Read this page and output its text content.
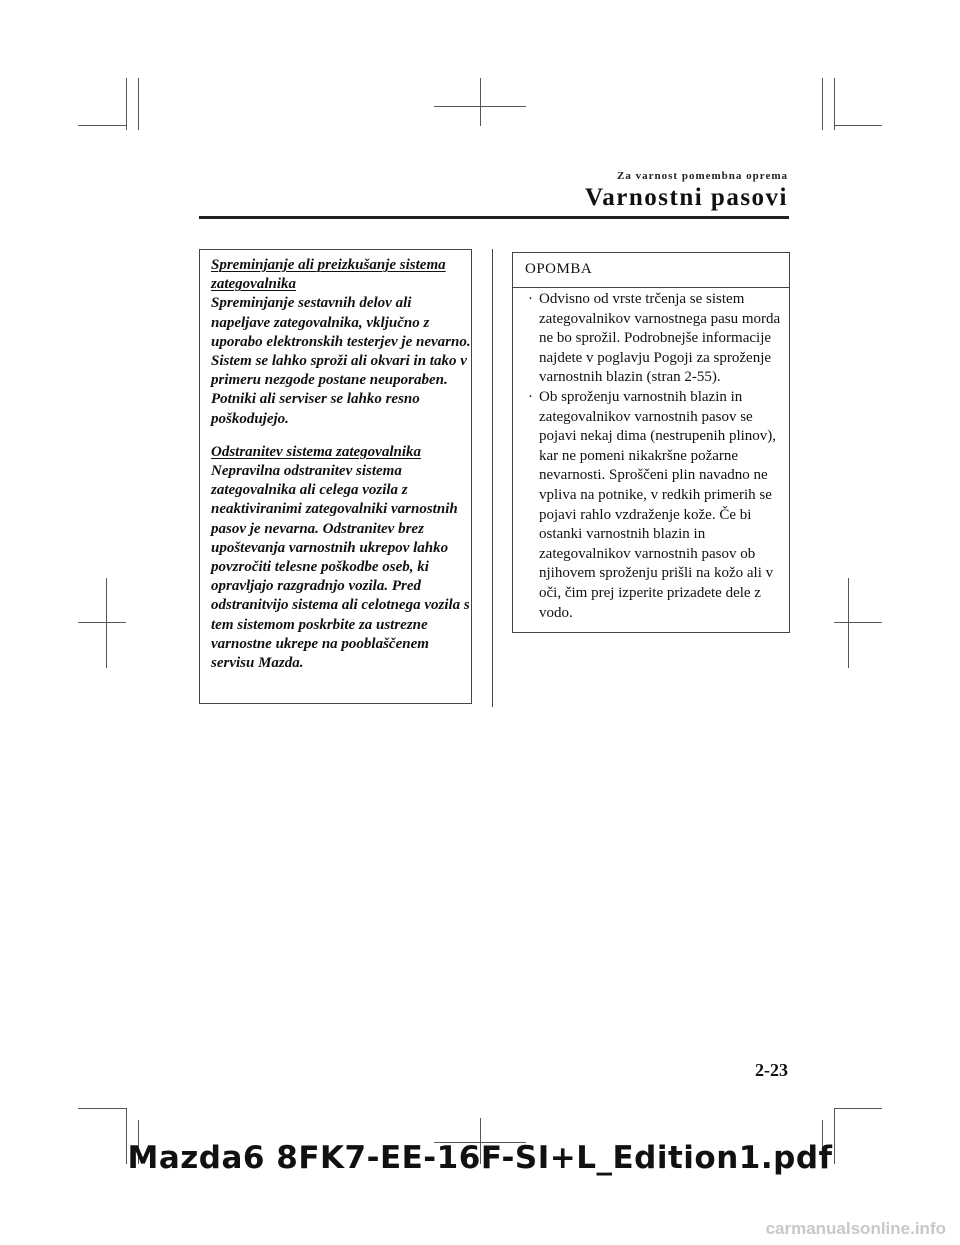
Za varnost pomembna oprema
Varnostni pasovi

Spreminjanje ali preizkušanje sistema zategovalnika

Spreminjanje sestavnih delov ali napeljave zategovalnika, vključno z uporabo elektronskih testerjev je nevarno. Sistem se lahko sproži ali okvari in tako v primeru nezgode postane neuporaben. Potniki ali serviser se lahko resno poškodujejo.

Odstranitev sistema zategovalnika

Nepravilna odstranitev sistema zategovalnika ali celega vozila z neaktiviranimi zategovalniki varnostnih pasov je nevarna. Odstranitev brez upoštevanja varnostnih ukrepov lahko povzročiti telesne poškodbe oseb, ki opravljajo razgradnjo vozila. Pred odstranitvijo sistema ali celotnega vozila s tem sistemom poskrbite za ustrezne varnostne ukrepe na pooblaščenem servisu Mazda.

OPOMBA
· Odvisno od vrste trčenja se sistem zategovalnikov varnostnega pasu morda ne bo sprožil. Podrobnejše informacije najdete v poglavju Pogoji za sproženje varnostnih blazin (stran 2-55).
· Ob sproženju varnostnih blazin in zategovalnikov varnostnih pasov se pojavi nekaj dima (nestrupenih plinov), kar ne pomeni nikakršne požarne nevarnosti. Sproščeni plin navadno ne vpliva na potnike, v redkih primerih se pojavi rahlo vzdraženje kože. Če bi ostanki varnostnih blazin in zategovalnikov varnostnih pasov ob njihovem sproženju prišli na kožo ali v oči, čim prej izperite prizadete dele z vodo.
2-23
Mazda6 8FK7-EE-16F-SI+L_Edition1.pdf
carmanualsonline.info
